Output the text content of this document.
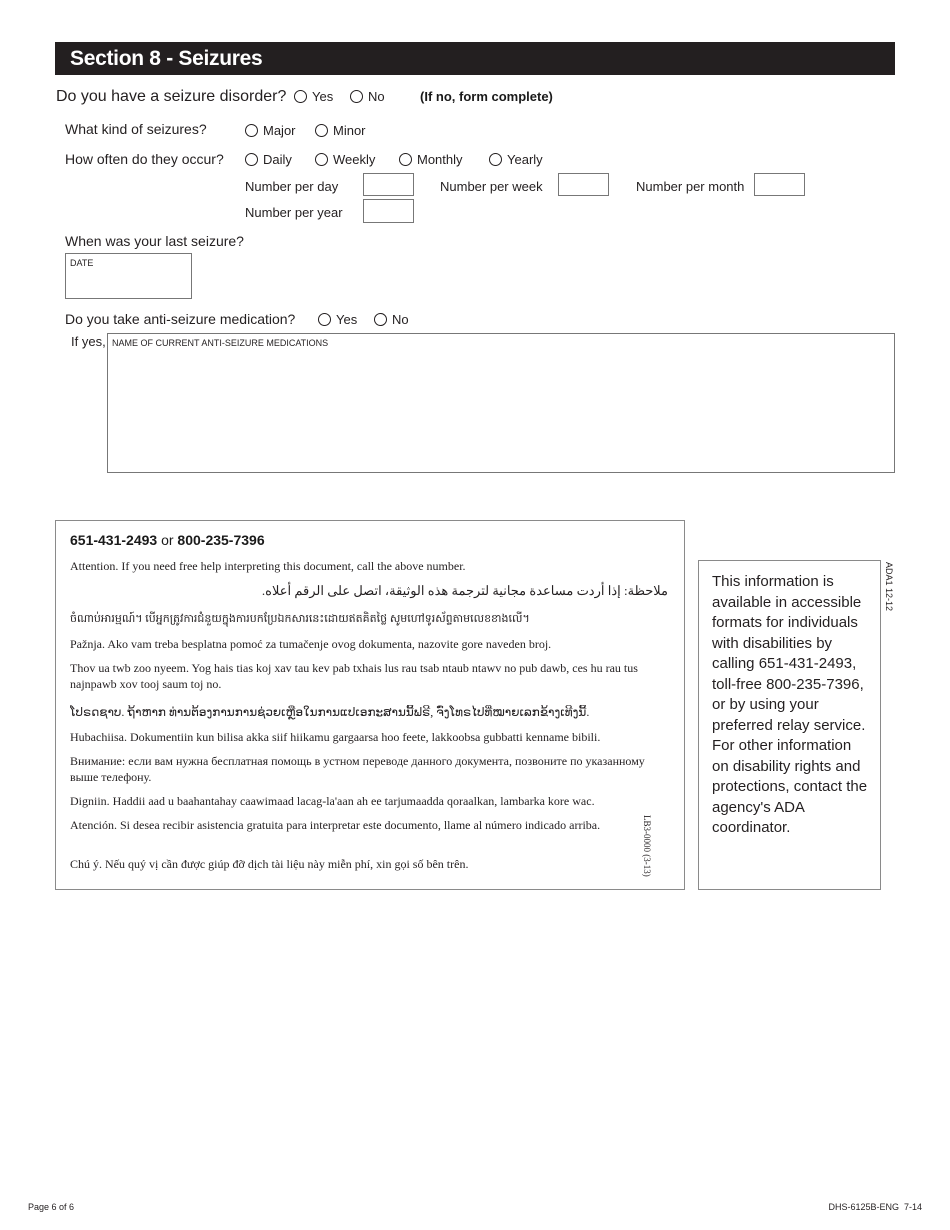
Section 8 - Seizures
Do you have a seizure disorder?	Yes	No	(If no, form complete)
What kind of seizures?	Major	Minor
How often do they occur?	Daily	Weekly	Monthly	Yearly
Number per day	Number per week	Number per month
Number per year
When was your last seizure?
DATE
Do you take anti-seizure medication?	Yes	No
If yes, NAME OF CURRENT ANTI-SEIZURE MEDICATIONS
651-431-2493 or 800-235-7396
Attention. If you need free help interpreting this document, call the above number.
ملاحظة: إذا أردت مساعدة مجانية لترجمة هذه الوثيقة، اتصل على الرقم أعلاه.
ចំណាប់អារម្មណ៍។ បើអ្នកត្រូវការជំនួយក្នុងការបកប្រែឯកសារនេះដោយឥតគិតថ្លៃ សូមហៅទូរស័ព្ទតាមលេខខាងលើ។
Pažnja. Ako vam treba besplatna pomoć za tumačenje ovog dokumenta, nazovite gore naveden broj.
Thov ua twb zoo nyeem. Yog hais tias koj xav tau kev pab txhais lus rau tsab ntaub ntawv no pub dawb, ces hu rau tus najnpawb xov tooj saum toj no.
ໂປຣດຊາບ. ຖ້າຫາກ ທ່ານຕ້ອງການການຊ່ວຍເຫຼືອໃນການແປເອກະສານນີ້ຟຣີ, ຈົ່ງໂທຣໄປທີ່ໝາຍເລກຂ້າງເທີງນີ້.
Hubachiisa. Dokumentiin kun bilisa akka siif hiikamu gargaarsa hoo feete, lakkoobsa gubbatti kenname bibili.
Внимание: если вам нужна бесплатная помощь в устном переводе данного документа, позвоните по указанному выше телефону.
Digniin. Haddii aad u baahantahay caawimaad lacag-la'aan ah ee tarjumaadda qoraalkan, lambarka kore wac.
Atención. Si desea recibir asistencia gratuita para interpretar este documento, llame al número indicado arriba.
Chú ý. Nếu quý vị cần được giúp đỡ dịch tài liệu này miễn phí, xin gọi số bên trên.	LB3-0000 (3-13)
This information is available in accessible formats for individuals with disabilities by calling 651-431-2493, toll-free 800-235-7396, or by using your preferred relay service. For other information on disability rights and protections, contact the agency's ADA coordinator.
ADA1 12-12
Page 6 of 6	DHS-6125B-ENG  7-14
